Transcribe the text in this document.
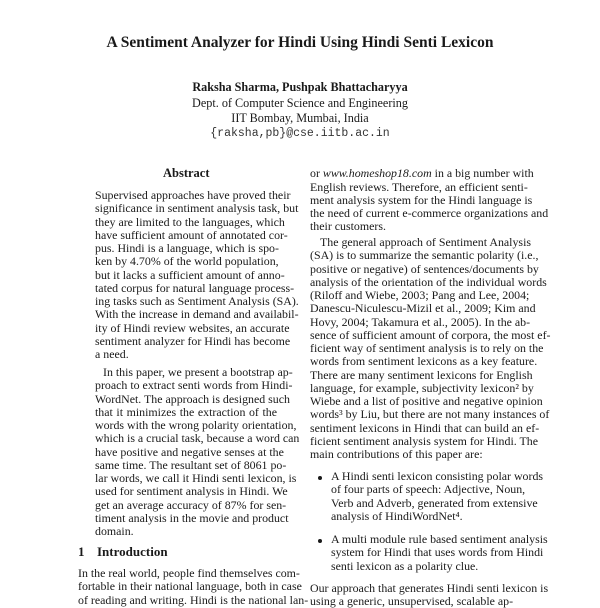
A Sentiment Analyzer for Hindi Using Hindi Senti Lexicon
Raksha Sharma, Pushpak Bhattacharyya
Dept. of Computer Science and Engineering
IIT Bombay, Mumbai, India
{raksha,pb}@cse.iitb.ac.in
Abstract
1 Introduction
or www.homeshop18.com in a big number with
Supervised approaches have proved their
significance in sentiment analysis task, but
they are limited to the languages, which
have sufficient amount of annotated cor-
pus. Hindi is a language, which is spo-
ken by 4.70% of the world population,
but it lacks a sufficient amount of anno-
tated corpus for natural language process-
ing tasks such as Sentiment Analysis (SA).
With the increase in demand and availabil-
ity of Hindi review websites, an accurate
sentiment analyzer for Hindi has become
a need.
In this paper, we present a bootstrap ap-
proach to extract senti words from Hindi-
WordNet. The approach is designed such
that it minimizes the extraction of the
words with the wrong polarity orientation,
which is a crucial task, because a word can
have positive and negative senses at the
same time. The resultant set of 8061 po-
lar words, we call it Hindi senti lexicon, is
used for sentiment analysis in Hindi. We
get an average accuracy of 87% for sen-
timent analysis in the movie and product
domain.
In the real world, people find themselves com-
fortable in their national language, both in case
of reading and writing. Hindi is the national lan-
English reviews. Therefore, an efficient senti-
ment analysis system for the Hindi language is
the need of current e-commerce organizations and
their customers.
The general approach of Sentiment Analysis
(SA) is to summarize the semantic polarity (i.e.,
positive or negative) of sentences/documents by
analysis of the orientation of the individual words
(Riloff and Wiebe, 2003; Pang and Lee, 2004;
Danescu-Niculescu-Mizil et al., 2009; Kim and
Hovy, 2004; Takamura et al., 2005). In the ab-
sence of sufficient amount of corpora, the most ef-
ficient way of sentiment analysis is to rely on the
words from sentiment lexicons as a key feature.
There are many sentiment lexicons for English
language, for example, subjectivity lexicon² by
Wiebe and a list of positive and negative opinion
words³ by Liu, but there are not many instances of
sentiment lexicons in Hindi that can build an ef-
ficient sentiment analysis system for Hindi. The
main contributions of this paper are:
A Hindi senti lexicon consisting polar words
of four parts of speech: Adjective, Noun,
Verb and Adverb, generated from extensive
analysis of HindiWordNet⁴.
A multi module rule based sentiment analysis
system for Hindi that uses words from Hindi
senti lexicon as a polarity clue.
Our approach that generates Hindi senti lexicon is
using a generic, unsupervised, scalable ap-
